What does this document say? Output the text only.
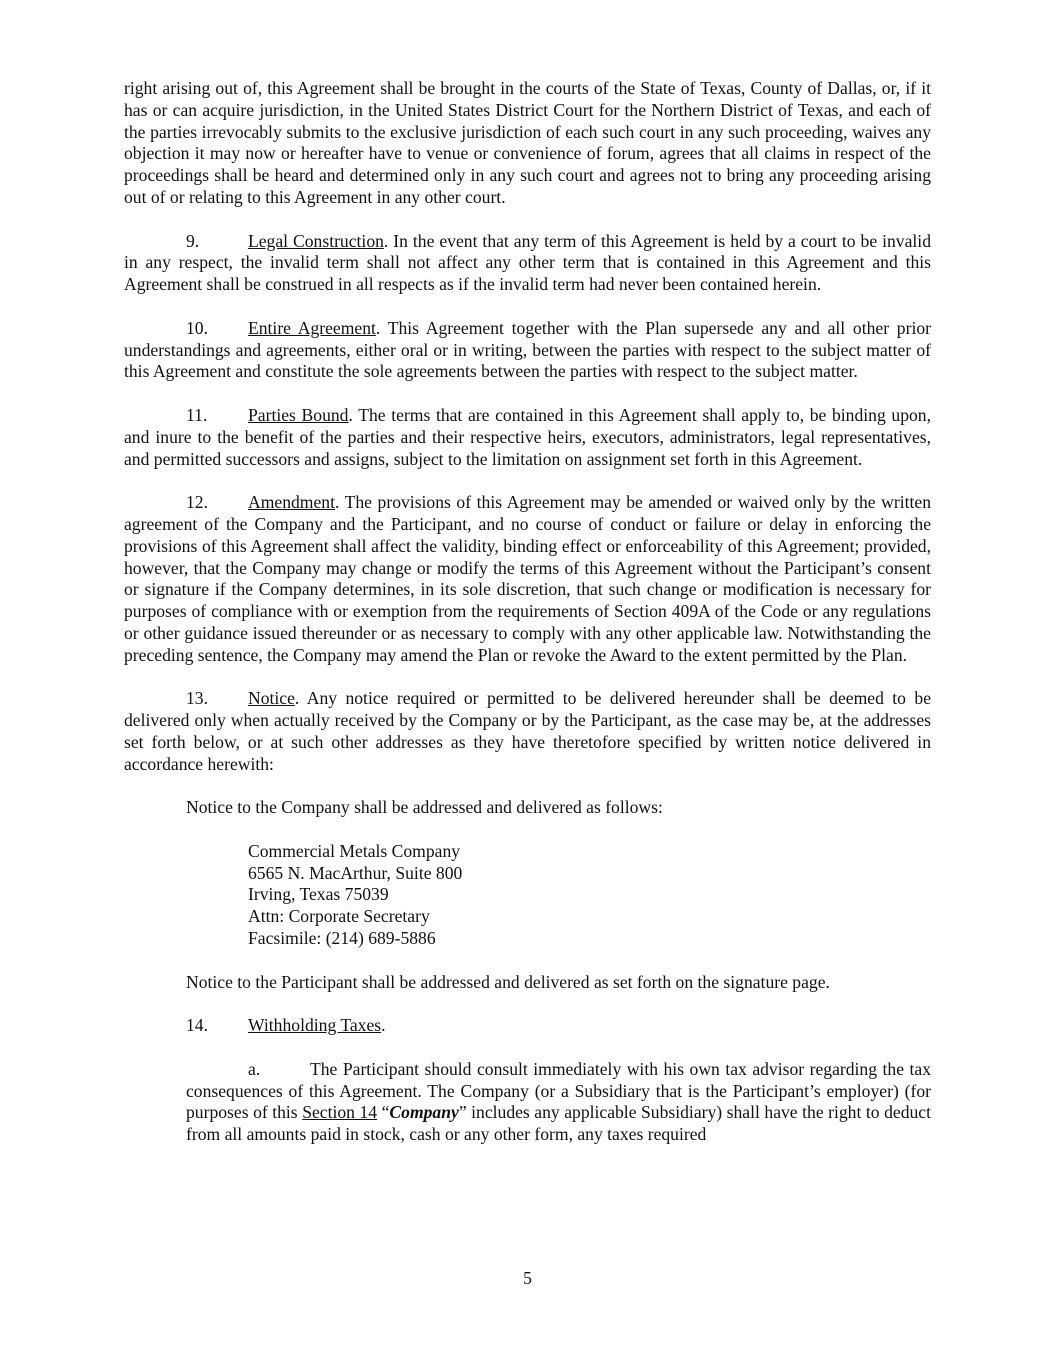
right arising out of, this Agreement shall be brought in the courts of the State of Texas, County of Dallas, or, if it has or can acquire jurisdiction, in the United States District Court for the Northern District of Texas, and each of the parties irrevocably submits to the exclusive jurisdiction of each such court in any such proceeding, waives any objection it may now or hereafter have to venue or convenience of forum, agrees that all claims in respect of the proceedings shall be heard and determined only in any such court and agrees not to bring any proceeding arising out of or relating to this Agreement in any other court.

9.	Legal Construction. In the event that any term of this Agreement is held by a court to be invalid in any respect, the invalid term shall not affect any other term that is contained in this Agreement and this Agreement shall be construed in all respects as if the invalid term had never been contained herein.

10. Entire Agreement. This Agreement together with the Plan supersede any and all other prior understandings and agreements, either oral or in writing, between the parties with respect to the subject matter of this Agreement and constitute the sole agreements between the parties with respect to the subject matter.

11. Parties Bound. The terms that are contained in this Agreement shall apply to, be binding upon, and inure to the benefit of the parties and their respective heirs, executors, administrators, legal representatives, and permitted successors and assigns, subject to the limitation on assignment set forth in this Agreement.

12. Amendment. The provisions of this Agreement may be amended or waived only by the written agreement of the Company and the Participant, and no course of conduct or failure or delay in enforcing the provisions of this Agreement shall affect the validity, binding effect or enforceability of this Agreement; provided, however, that the Company may change or modify the terms of this Agreement without the Participant’s consent or signature if the Company determines, in its sole discretion, that such change or modification is necessary for purposes of compliance with or exemption from the requirements of Section 409A of the Code or any regulations or other guidance issued thereunder or as necessary to comply with any other applicable law. Notwithstanding the preceding sentence, the Company may amend the Plan or revoke the Award to the extent permitted by the Plan.

13. Notice. Any notice required or permitted to be delivered hereunder shall be deemed to be delivered only when actually received by the Company or by the Participant, as the case may be, at the addresses set forth below, or at such other addresses as they have theretofore specified by written notice delivered in accordance herewith:

Notice to the Company shall be addressed and delivered as follows:

Commercial Metals Company
6565 N. MacArthur, Suite 800
Irving, Texas 75039
Attn: Corporate Secretary
Facsimile: (214) 689-5886

Notice to the Participant shall be addressed and delivered as set forth on the signature page.

14. Withholding Taxes.

a.	The Participant should consult immediately with his own tax advisor regarding the tax consequences of this Agreement. The Company (or a Subsidiary that is the Participant’s employer) (for purposes of this Section 14 “Company” includes any applicable Subsidiary) shall have the right to deduct from all amounts paid in stock, cash or any other form, any taxes required

5
